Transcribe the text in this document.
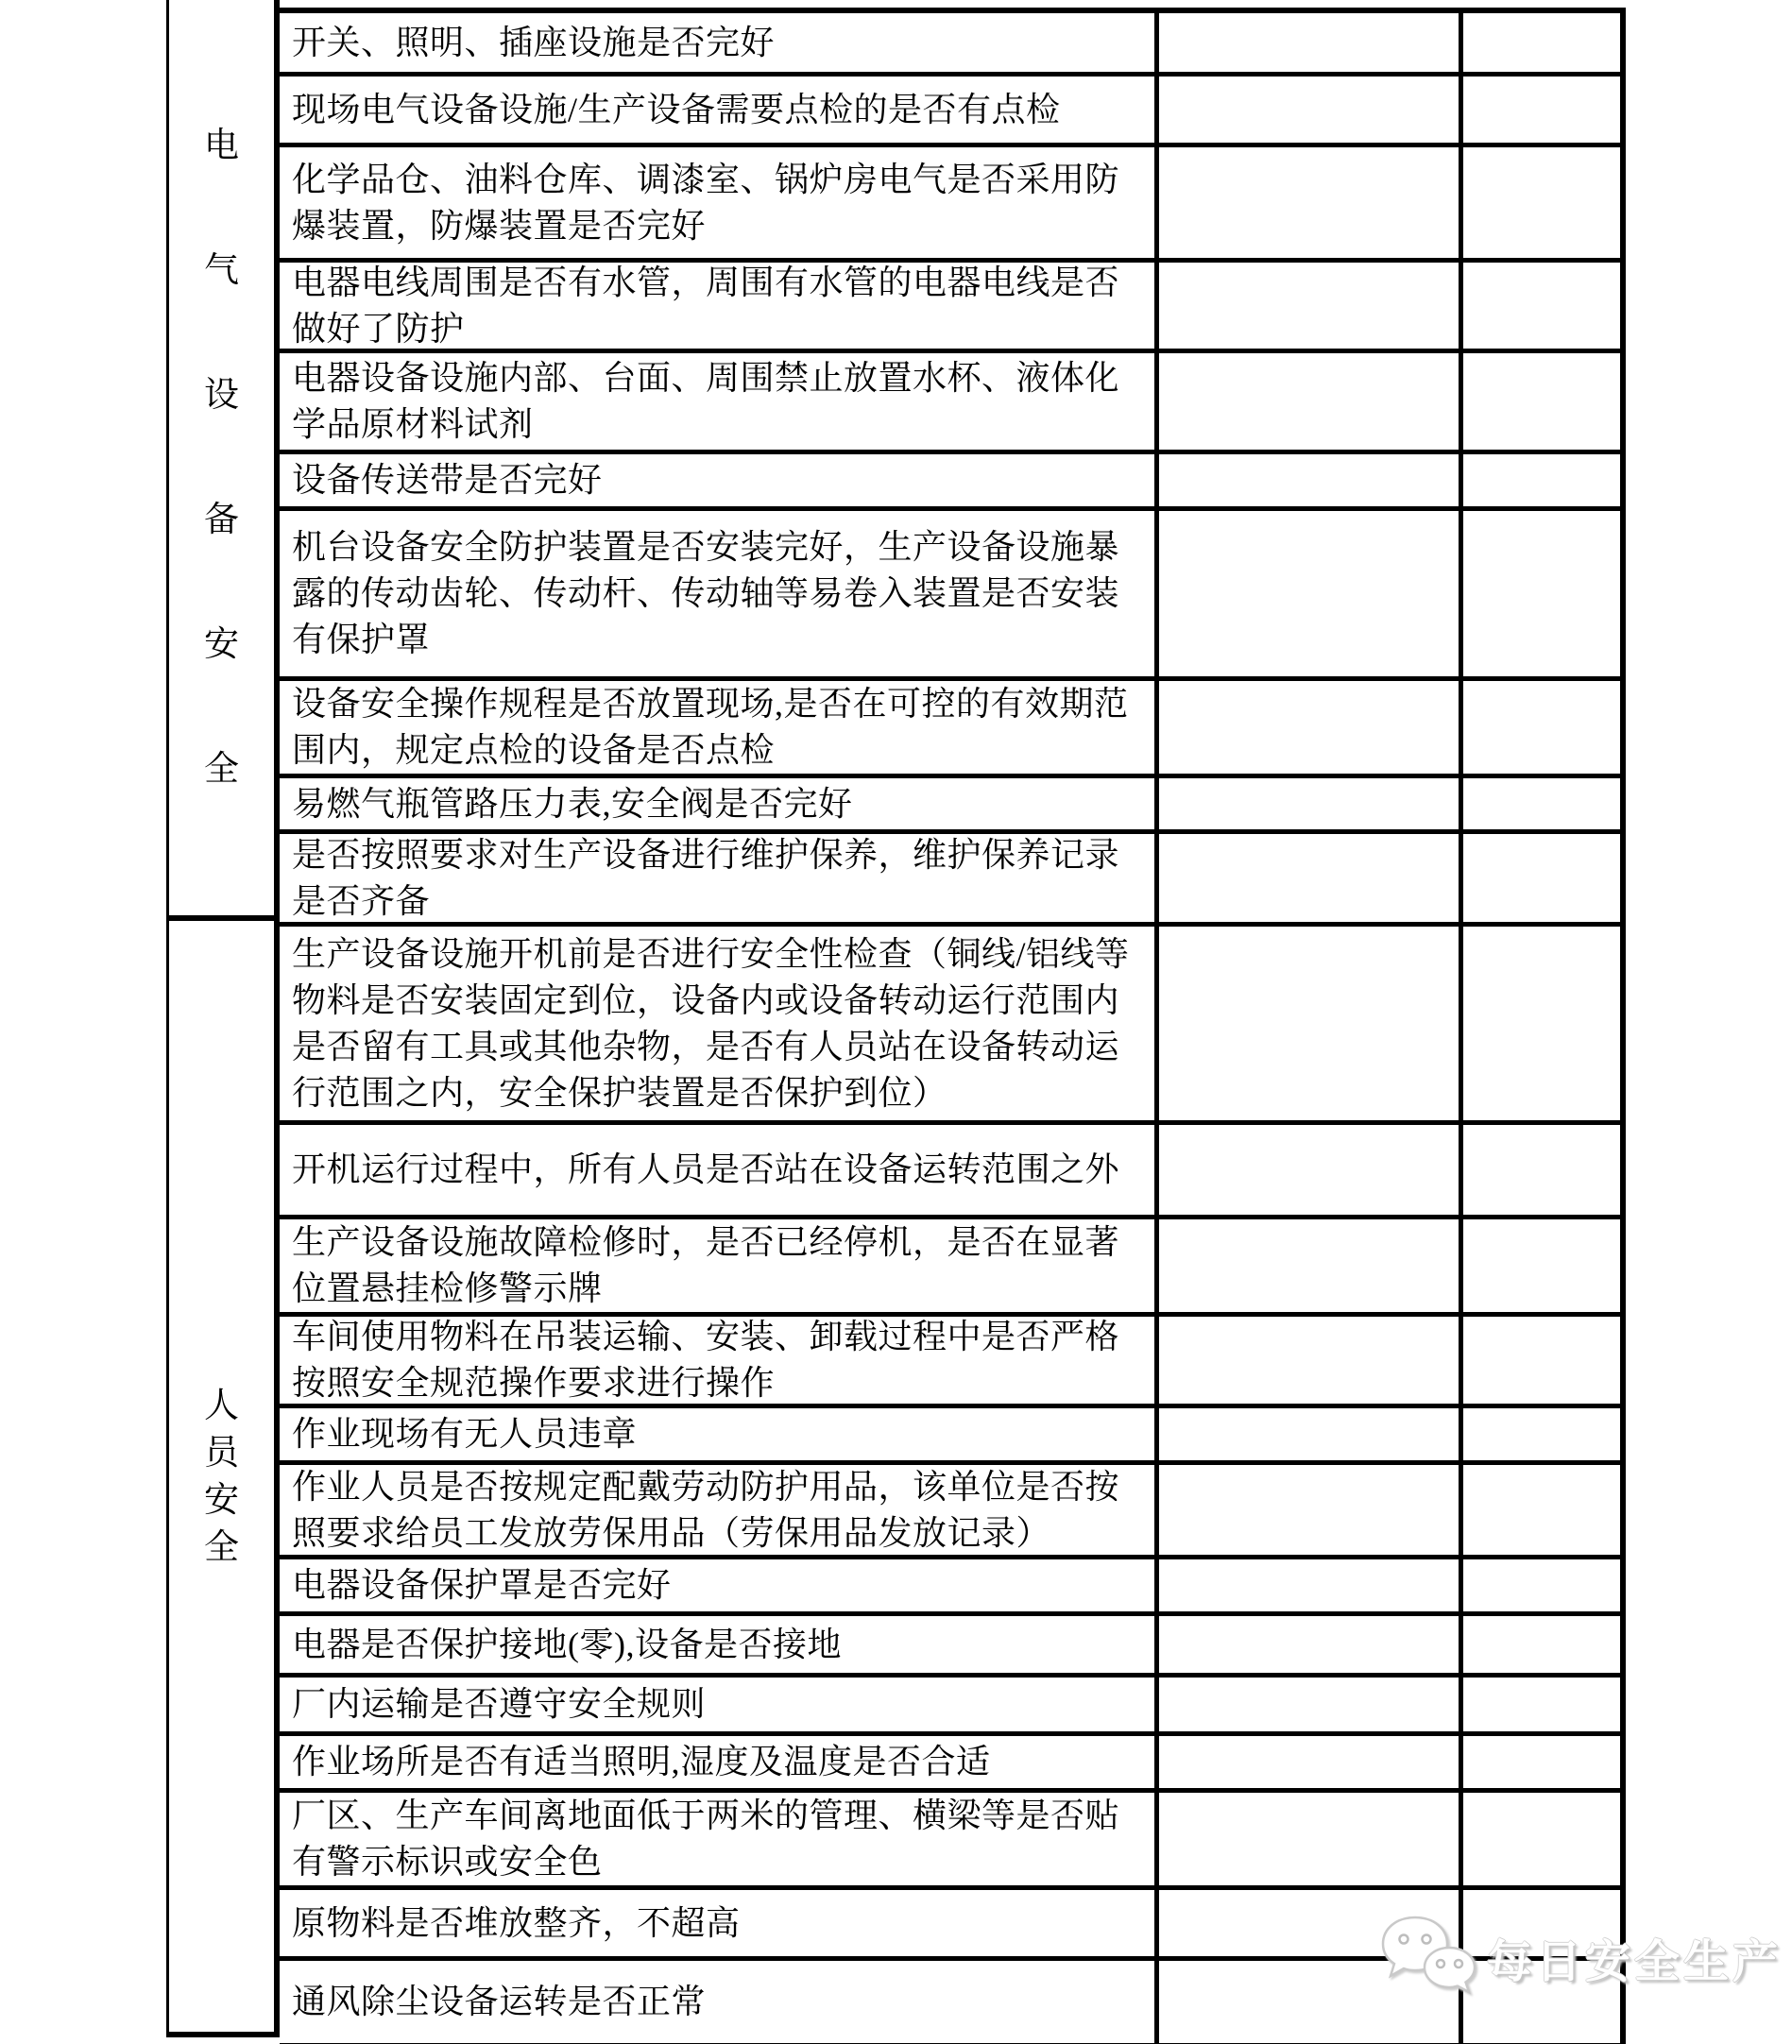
电
气
设
备
安
全
人
员
安
全
开关、照明、插座设施是否完好
现场电气设备设施/生产设备需要点检的是否有点检
化学品仓、油料仓库、调漆室、锅炉房电气是否采用防爆装置，防爆装置是否完好
电器电线周围是否有水管，周围有水管的电器电线是否做好了防护
电器设备设施内部、台面、周围禁止放置水杯、液体化学品原材料试剂
设备传送带是否完好
机台设备安全防护装置是否安装完好，生产设备设施暴露的传动齿轮、传动杆、传动轴等易卷入装置是否安装有保护罩
设备安全操作规程是否放置现场,是否在可控的有效期范围内，规定点检的设备是否点检
易燃气瓶管路压力表,安全阀是否完好
是否按照要求对生产设备进行维护保养，维护保养记录是否齐备
生产设备设施开机前是否进行安全性检查（铜线/铝线等物料是否安装固定到位，设备内或设备转动运行范围内是否留有工具或其他杂物，是否有人员站在设备转动运行范围之内，安全保护装置是否保护到位）
开机运行过程中，所有人员是否站在设备运转范围之外
生产设备设施故障检修时，是否已经停机，是否在显著位置悬挂检修警示牌
车间使用物料在吊装运输、安装、卸载过程中是否严格按照安全规范操作要求进行操作
作业现场有无人员违章
作业人员是否按规定配戴劳动防护用品，该单位是否按照要求给员工发放劳保用品（劳保用品发放记录）
电器设备保护罩是否完好
电器是否保护接地(零),设备是否接地
厂内运输是否遵守安全规则
作业场所是否有适当照明,湿度及温度是否合适
厂区、生产车间离地面低于两米的管理、横梁等是否贴有警示标识或安全色
原物料是否堆放整齐，不超高
通风除尘设备运转是否正常
每日安全生产
